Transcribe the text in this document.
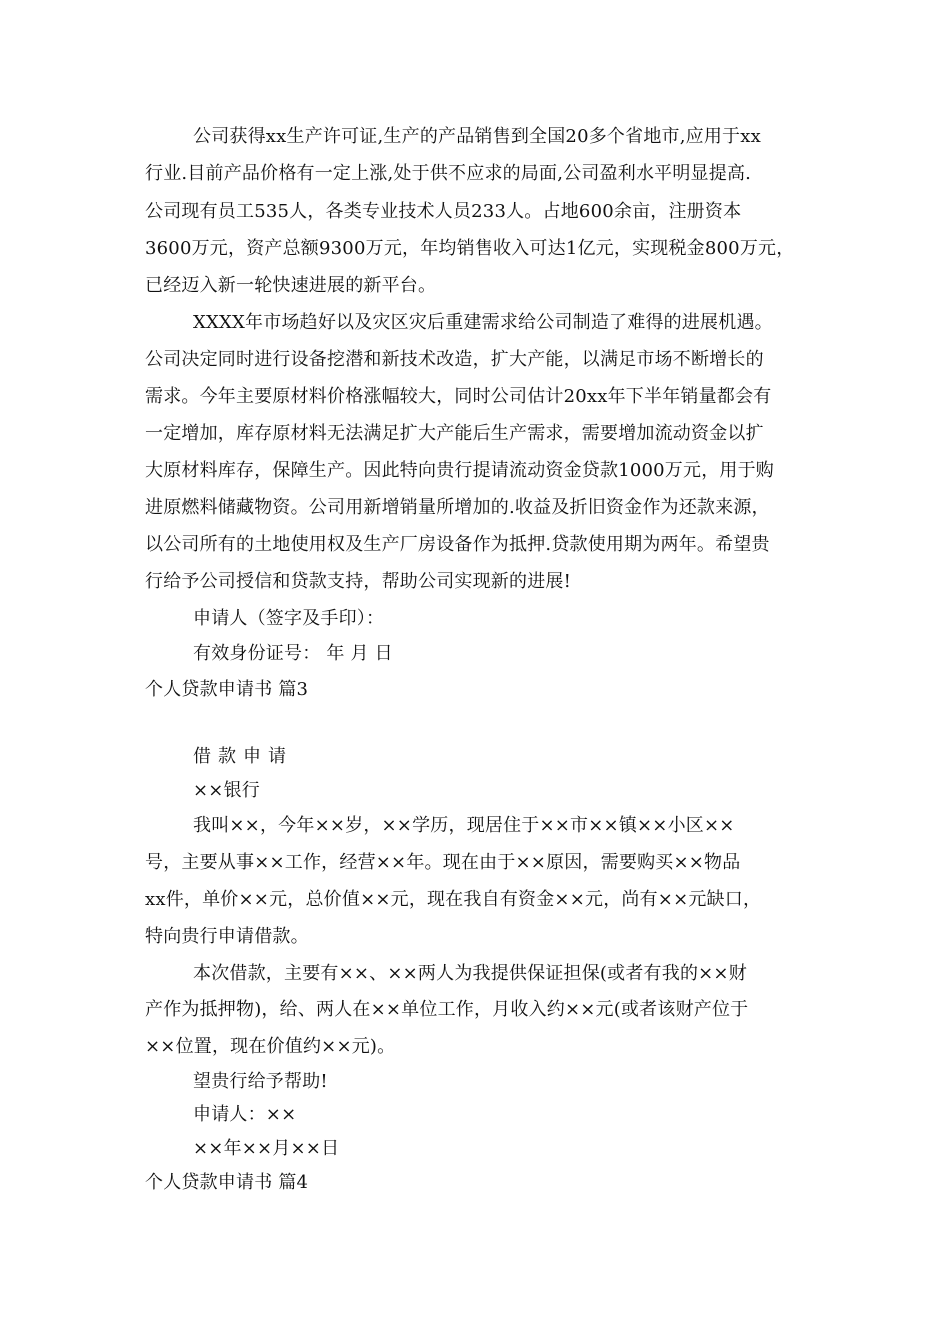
公司获得xx生产许可证,生产的产品销售到全国20多个省地市,应用于xx
行业.目前产品价格有一定上涨,处于供不应求的局面,公司盈利水平明显提高.
公司现有员工535人，各类专业技术人员233人。占地600余亩，注册资本
3600万元，资产总额9300万元，年均销售收入可达1亿元，实现税金800万元，
已经迈入新一轮快速进展的新平台。
XXXX年市场趋好以及灾区灾后重建需求给公司制造了难得的进展机遇。
公司决定同时进行设备挖潜和新技术改造，扩大产能，以满足市场不断增长的
需求。今年主要原材料价格涨幅较大，同时公司估计20xx年下半年销量都会有
一定增加，库存原材料无法满足扩大产能后生产需求，需要增加流动资金以扩
大原材料库存，保障生产。因此特向贵行提请流动资金贷款1000万元，用于购
进原燃料储藏物资。公司用新增销量所增加的.收益及折旧资金作为还款来源，
以公司所有的土地使用权及生产厂房设备作为抵押.贷款使用期为两年。希望贵
行给予公司授信和贷款支持，帮助公司实现新的进展!
申请人（签字及手印）：
有效身份证号： 年 月 日
个人贷款申请书 篇3
借款申请
××银行
我叫××，今年××岁，××学历，现居住于××市××镇××小区××
号，主要从事××工作，经营××年。现在由于××原因，需要购买××物品
xx件，单价××元，总价值××元，现在我自有资金××元，尚有××元缺口，
特向贵行申请借款。
本次借款，主要有××、××两人为我提供保证担保(或者有我的××财
产作为抵押物)，给、两人在××单位工作，月收入约××元(或者该财产位于
××位置，现在价值约××元)。
望贵行给予帮助!
申请人：××
××年××月××日
个人贷款申请书 篇4
